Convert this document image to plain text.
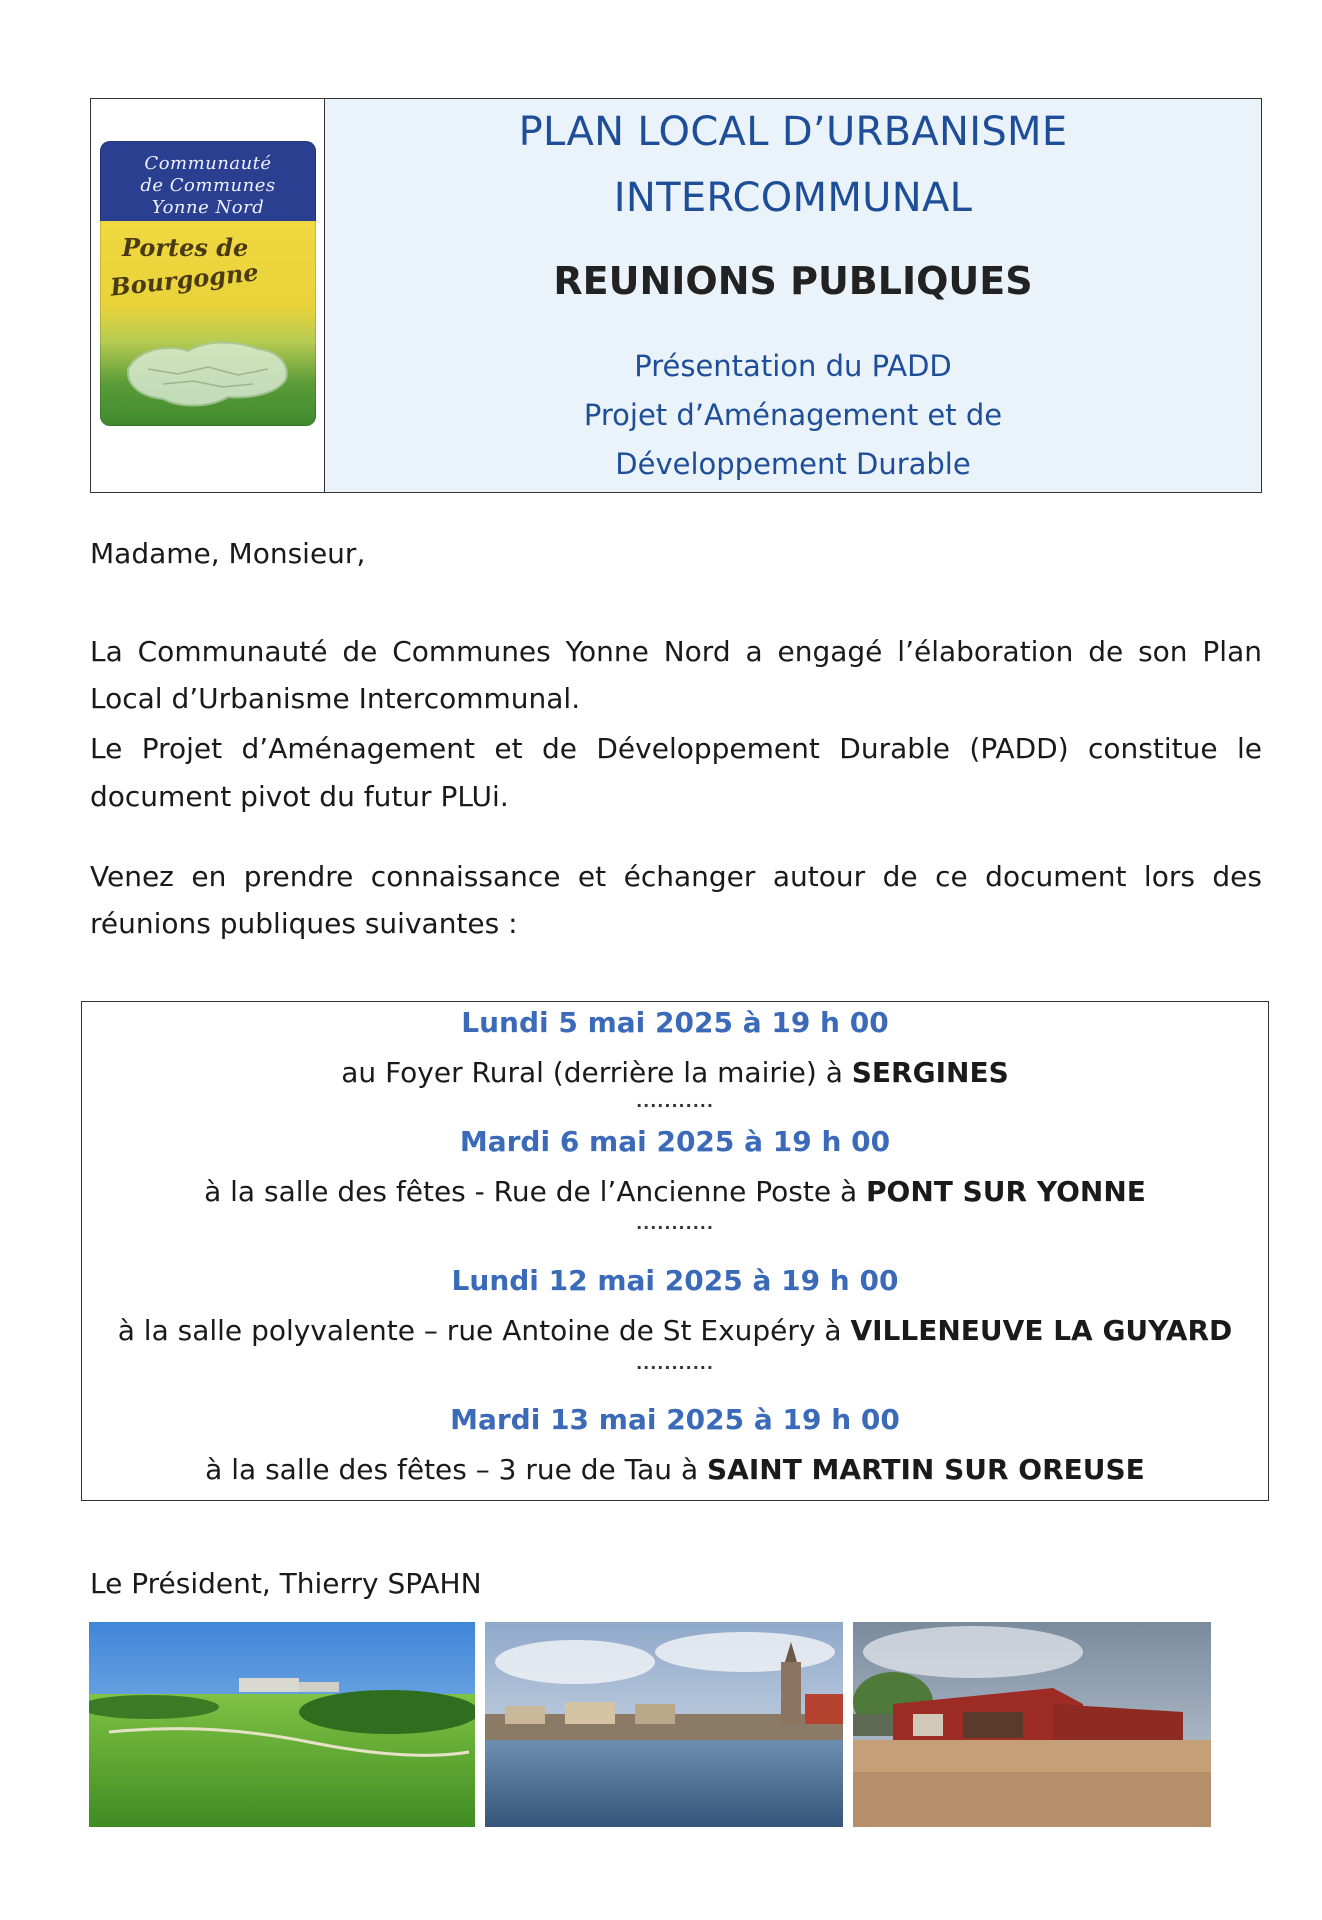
Communauté
de Communes
Yonne Nord
Portes de
Bourgogne
PLAN LOCAL D’URBANISME
INTERCOMMUNAL
REUNIONS PUBLIQUES
Présentation du PADD
Projet d’Aménagement et de
Développement Durable
Madame, Monsieur,
La Communauté de Communes Yonne Nord a engagé l’élaboration de son Plan
Local d’Urbanisme Intercommunal.
Le Projet d’Aménagement et de Développement Durable (PADD) constitue le
document pivot du futur PLUi.
Venez en prendre connaissance et échanger autour de ce document lors des
réunions publiques suivantes :
Lundi 5 mai 2025 à 19 h 00
au Foyer Rural (derrière la mairie) à SERGINES
...........
Mardi 6 mai 2025 à 19 h 00
à la salle des fêtes - Rue de l’Ancienne Poste à PONT SUR YONNE
...........
Lundi 12 mai 2025 à 19 h 00
à la salle polyvalente – rue Antoine de St Exupéry à VILLENEUVE LA GUYARD
...........
Mardi 13 mai 2025 à 19 h 00
à la salle des fêtes – 3 rue de Tau à SAINT MARTIN SUR OREUSE
Le Président, Thierry SPAHN
